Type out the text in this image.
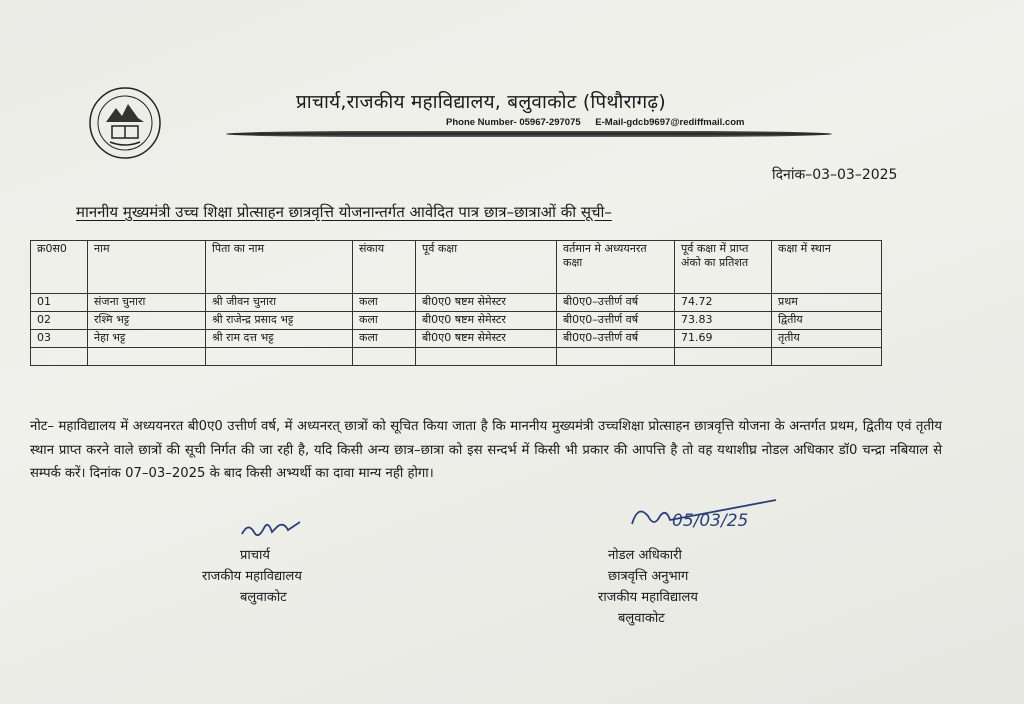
प्राचार्य,राजकीय महाविद्यालय, बलुवाकोट (पिथौरागढ़)
Phone Number- 05967-297075 E-Mail-gdcb9697@rediffmail.com
दिनांक–03–03–2025
माननीय मुख्यमंत्री उच्च शिक्षा प्रोत्साहन छात्रवृत्ति योजनान्तर्गत आवेदित पात्र छात्र–छात्राओं की सूची–
क्र0स0	नाम	पिता का नाम	संकाय	पूर्व कक्षा	वर्तमान मे अध्ययनरत कक्षा	पूर्व कक्षा में प्राप्त अंको का प्रतिशत	कक्षा में स्थान
01	संजना चुनारा	श्री जीवन चुनारा	कला	बी0ए0 षष्टम सेमेस्टर	बी0ए0–उत्तीर्ण वर्ष	74.72	प्रथम
02	रश्मि भट्ट	श्री राजेन्द्र प्रसाद भट्ट	कला	बी0ए0 षष्टम सेमेस्टर	बी0ए0–उत्तीर्ण वर्ष	73.83	द्वितीय
03	नेहा भट्ट	श्री राम दत्त भट्ट	कला	बी0ए0 षष्टम सेमेस्टर	बी0ए0–उत्तीर्ण वर्ष	71.69	तृतीय

नोट– महाविद्यालय में अध्ययनरत बी0ए0 उत्तीर्ण वर्ष, में अध्यनरत् छात्रों को सूचित किया जाता है कि माननीय मुख्यमंत्री उच्चशिक्षा प्रोत्साहन छात्रवृत्ति योजना के अन्तर्गत प्रथम, द्वितीय एवं तृतीय स्थान प्राप्त करने वाले छात्रों की सूची निर्गत की जा रही है, यदि किसी अन्य छात्र–छात्रा को इस सन्दर्भ में किसी भी प्रकार की आपत्ति है तो वह यथाशीघ्र नोडल अधिकार डॉ0 चन्द्रा नबियाल से सम्पर्क करें। दिनांक 07–03–2025 के बाद किसी अभ्यर्थी का दावा मान्य नही होगा।
प्राचार्य
राजकीय महाविद्यालय
बलुवाकोट
05/03/25
नोडल अधिकारी
छात्रवृत्ति अनुभाग
राजकीय महाविद्यालय
बलुवाकोट
